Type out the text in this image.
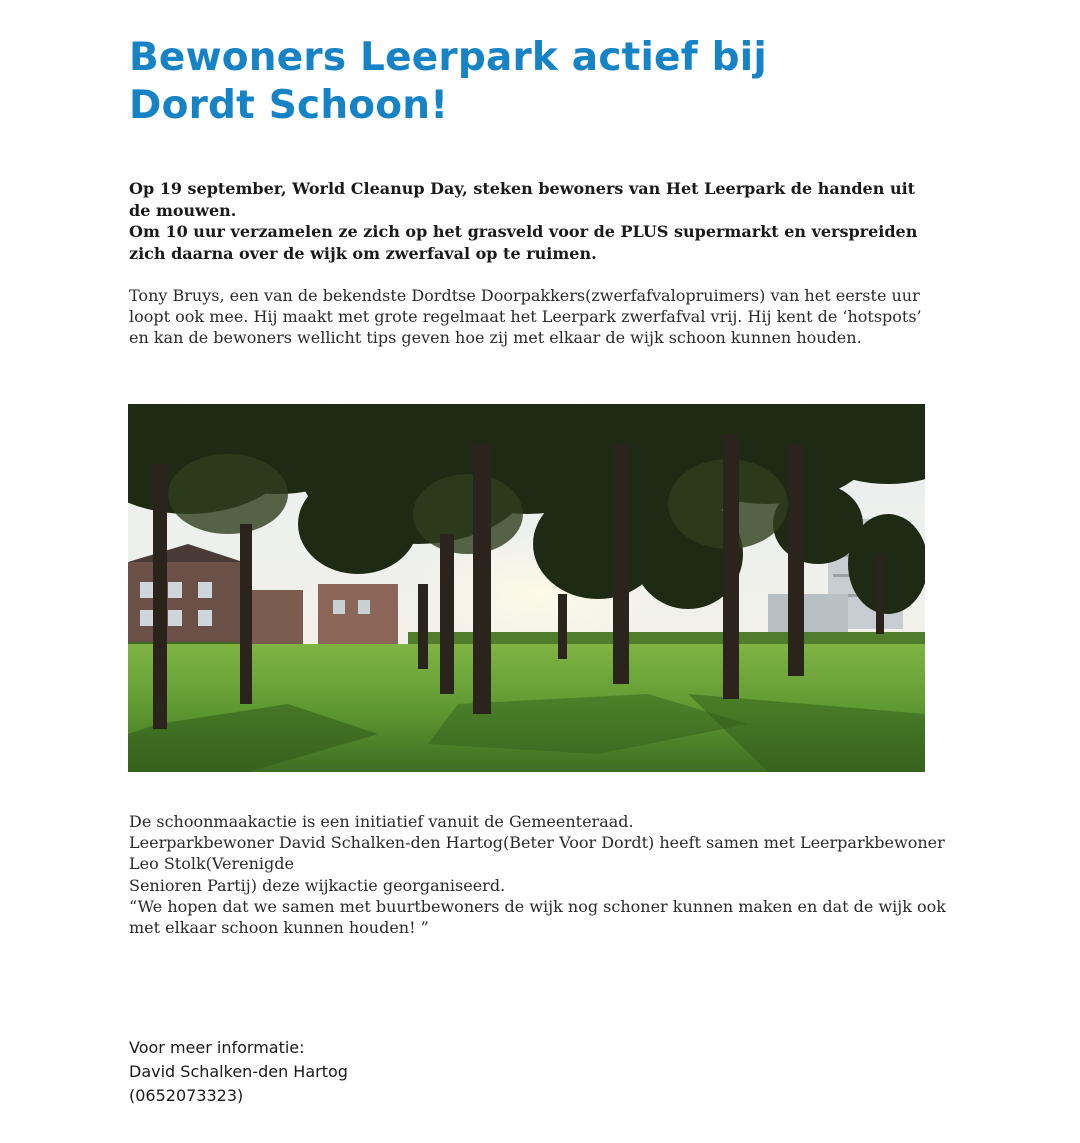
Bewoners Leerpark actief bij
Dordt Schoon!

Op 19 september, World Cleanup Day, steken bewoners van Het Leerpark de handen uit de mouwen.

Om 10 uur verzamelen ze zich op het grasveld voor de PLUS supermarkt en verspreiden zich daarna over de wijk om zwerfaval op te ruimen.

Tony Bruys, een van de bekendste Dordtse Doorpakkers(zwerfafvalopruimers) van het eerste uur loopt ook mee. Hij maakt met grote regelmaat het Leerpark zwerfafval vrij. Hij kent de ‘hotspots’ en kan de bewoners wellicht tips geven hoe zij met elkaar de wijk schoon kunnen houden.

De schoonmaakactie is een initiatief vanuit de Gemeenteraad.

Leerparkbewoner David Schalken-den Hartog(Beter Voor Dordt) heeft samen met Leerparkbewoner Leo Stolk(Verenigde

Senioren Partij) deze wijkactie georganiseerd.

“We hopen dat we samen met buurtbewoners de wijk nog schoner kunnen maken en dat de wijk ook met elkaar schoon kunnen houden! ”

Voor meer informatie:

David Schalken-den Hartog

(0652073323)
